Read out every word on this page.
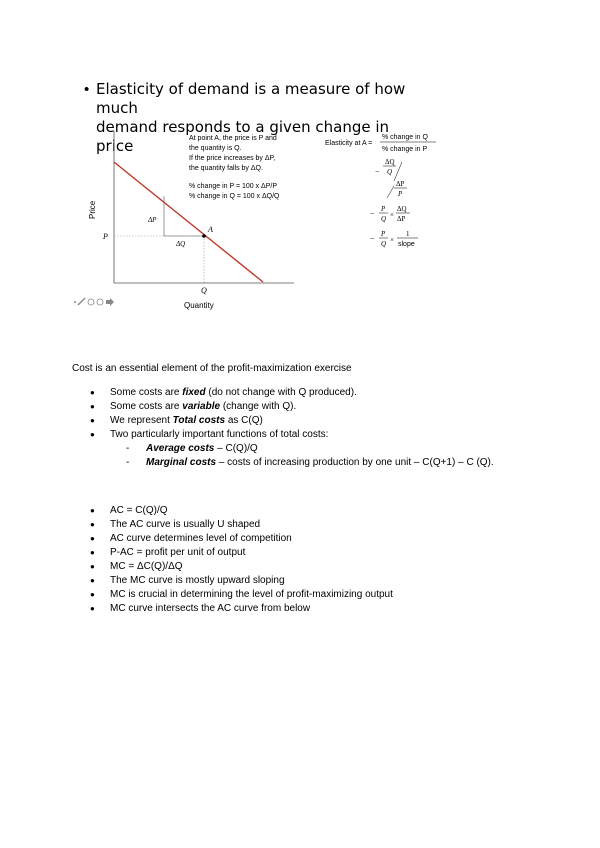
• Elasticity of demand is a measure of how much
demand responds to a given change in price
Price
Quantity
P
Q
A
ΔP
ΔQ
At point A, the price is P and
the quantity is Q.
If the price increases by ΔP,
the quantity falls by ΔQ.
% change in P = 100 x ΔP/P
% change in Q = 100 x ΔQ/Q
Elasticity at A =
% change in Q
% change in P
ΔQ
Q
−
ΔP
P
− P
Q ×
ΔQ
ΔP
− P
Q ×
1
slope

Cost is an essential element of the profit-maximization exercise

● Some costs are fixed (do not change with Q produced).
● Some costs are variable (change with Q).
● We represent Total costs as C(Q)
● Two particularly important functions of total costs:
- Average costs – C(Q)/Q
- Marginal costs – costs of increasing production by one unit – C(Q+1) – C (Q).
● AC = C(Q)/Q
● The AC curve is usually U shaped
● AC curve determines level of competition
● P-AC = profit per unit of output
● MC = ΔC(Q)/ΔQ
● The MC curve is mostly upward sloping
● MC is crucial in determining the level of profit-maximizing output
● MC curve intersects the AC curve from below
